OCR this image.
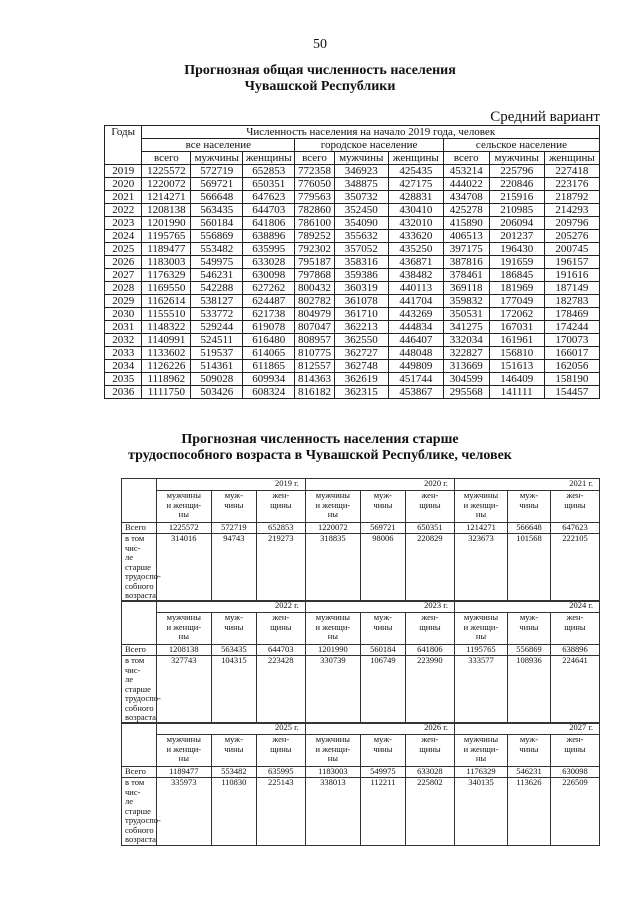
50
Прогнозная общая численность населения
Чувашской Республики
Средний вариант
Годы	Численность населения на начало 2019 года, человек								
	все население			городское население			сельское население		
	всего	мужчины	женщины	всего	мужчины	женщины	всего	мужчины	женщины
2019	1225572	572719	652853	772358	346923	425435	453214	225796	227418
2020	1220072	569721	650351	776050	348875	427175	444022	220846	223176
2021	1214271	566648	647623	779563	350732	428831	434708	215916	218792
2022	1208138	563435	644703	782860	352450	430410	425278	210985	214293
2023	1201990	560184	641806	786100	354090	432010	415890	206094	209796
2024	1195765	556869	638896	789252	355632	433620	406513	201237	205276
2025	1189477	553482	635995	792302	357052	435250	397175	196430	200745
2026	1183003	549975	633028	795187	358316	436871	387816	191659	196157
2027	1176329	546231	630098	797868	359386	438482	378461	186845	191616
2028	1169550	542288	627262	800432	360319	440113	369118	181969	187149
2029	1162614	538127	624487	802782	361078	441704	359832	177049	182783
2030	1155510	533772	621738	804979	361710	443269	350531	172062	178469
2031	1148322	529244	619078	807047	362213	444834	341275	167031	174244
2032	1140991	524511	616480	808957	362550	446407	332034	161961	170073
2033	1133602	519537	614065	810775	362727	448048	322827	156810	166017
2034	1126226	514361	611865	812557	362748	449809	313669	151613	162056
2035	1118962	509028	609934	814363	362619	451744	304599	146409	158190
2036	1111750	503426	608324	816182	362315	453867	295568	141111	154457
Прогнозная численность населения старше
трудоспособного возраста в Чувашской Республике, человек
	2019 г.			2020 г.			2021 г.		
	мужчины
и женщи-
ны	муж-
чины	жен-
щины	мужчины
и женщи-
ны	муж-
чины	жен-
щины	мужчины
и женщи-
ны	муж-
чины	жен-
щины
Всего	1225572	572719	652853	1220072	569721	650351	1214271	566648	647623
в том чис-
ле старше
трудоспо-
собного
возраста	314016	94743	219273	318835	98006	220829	323673	101568	222105
	2022 г.			2023 г.			2024 г.		
	мужчины
и женщи-
ны	муж-
чины	жен-
щины	мужчины
и женщи-
ны	муж-
чины	жен-
щины	мужчины
и женщи-
ны	муж-
чины	жен-
щины
Всего	1208138	563435	644703	1201990	560184	641806	1195765	556869	638896
в том чис-
ле старше
трудоспо-
собного
возраста	327743	104315	223428	330739	106749	223990	333577	108936	224641
	2025 г.			2026 г.			2027 г.		
	мужчины
и женщи-
ны	муж-
чины	жен-
щины	мужчины
и женщи-
ны	муж-
чины	жен-
щины	мужчины
и женщи-
ны	муж-
чины	жен-
щины
Всего	1189477	553482	635995	1183003	549975	633028	1176329	546231	630098
в том чис-
ле старше
трудоспо-
собного
возраста	335973	110830	225143	338013	112211	225802	340135	113626	226509
